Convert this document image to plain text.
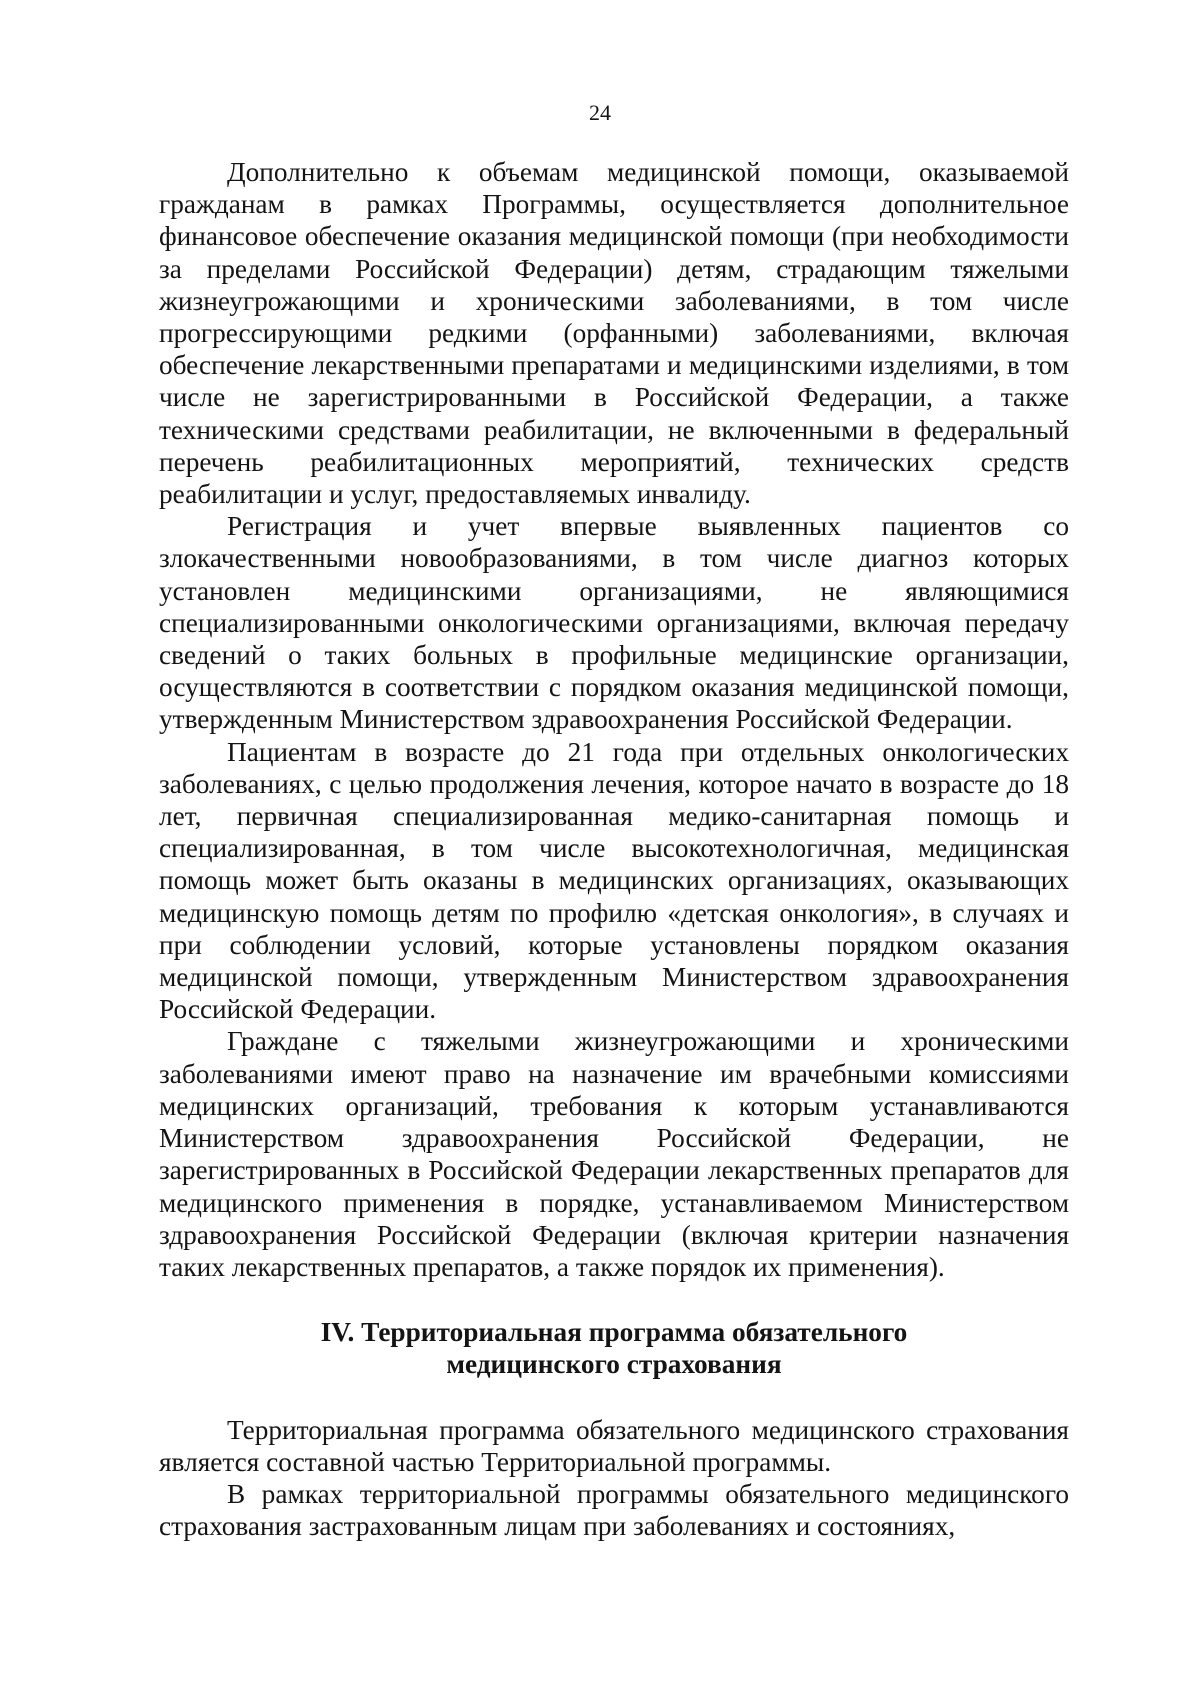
24

Дополнительно к объемам медицинской помощи, оказываемой гражданам в рамках Программы, осуществляется дополнительное финансовое обеспечение оказания медицинской помощи (при необходимости за пределами Российской Федерации) детям, страдающим тяжелыми жизнеугрожающими и хроническими заболеваниями, в том числе прогрессирующими редкими (орфанными) заболеваниями, включая обеспечение лекарственными препаратами и медицинскими изделиями, в том числе не зарегистрированными в Российской Федерации, а также техническими средствами реабилитации, не включенными в федеральный перечень реабилитационных мероприятий, технических средств реабилитации и услуг, предоставляемых инвалиду.

Регистрация и учет впервые выявленных пациентов со злокачественными новообразованиями, в том числе диагноз которых установлен медицинскими организациями, не являющимися специализированными онкологическими организациями, включая передачу сведений о таких больных в профильные медицинские организации, осуществляются в соответствии с порядком оказания медицинской помощи, утвержденным Министерством здравоохранения Российской Федерации.

Пациентам в возрасте до 21 года при отдельных онкологических заболеваниях, с целью продолжения лечения, которое начато в возрасте до 18 лет, первичная специализированная медико-санитарная помощь и специализированная, в том числе высокотехнологичная, медицинская помощь может быть оказаны в медицинских организациях, оказывающих медицинскую помощь детям по профилю «детская онкология», в случаях и при соблюдении условий, которые установлены порядком оказания медицинской помощи, утвержденным Министерством здравоохранения Российской Федерации.

Граждане с тяжелыми жизнеугрожающими и хроническими заболеваниями имеют право на назначение им врачебными комиссиями медицинских организаций, требования к которым устанавливаются Министерством здравоохранения Российской Федерации, не зарегистрированных в Российской Федерации лекарственных препаратов для медицинского применения в порядке, устанавливаемом Министерством здравоохранения Российской Федерации (включая критерии назначения таких лекарственных препаратов, а также порядок их применения).

IV. Территориальная программа обязательного
медицинского страхования

Территориальная программа обязательного медицинского страхования является составной частью Территориальной программы.

В рамках территориальной программы обязательного медицинского страхования застрахованным лицам при заболеваниях и состояниях,
